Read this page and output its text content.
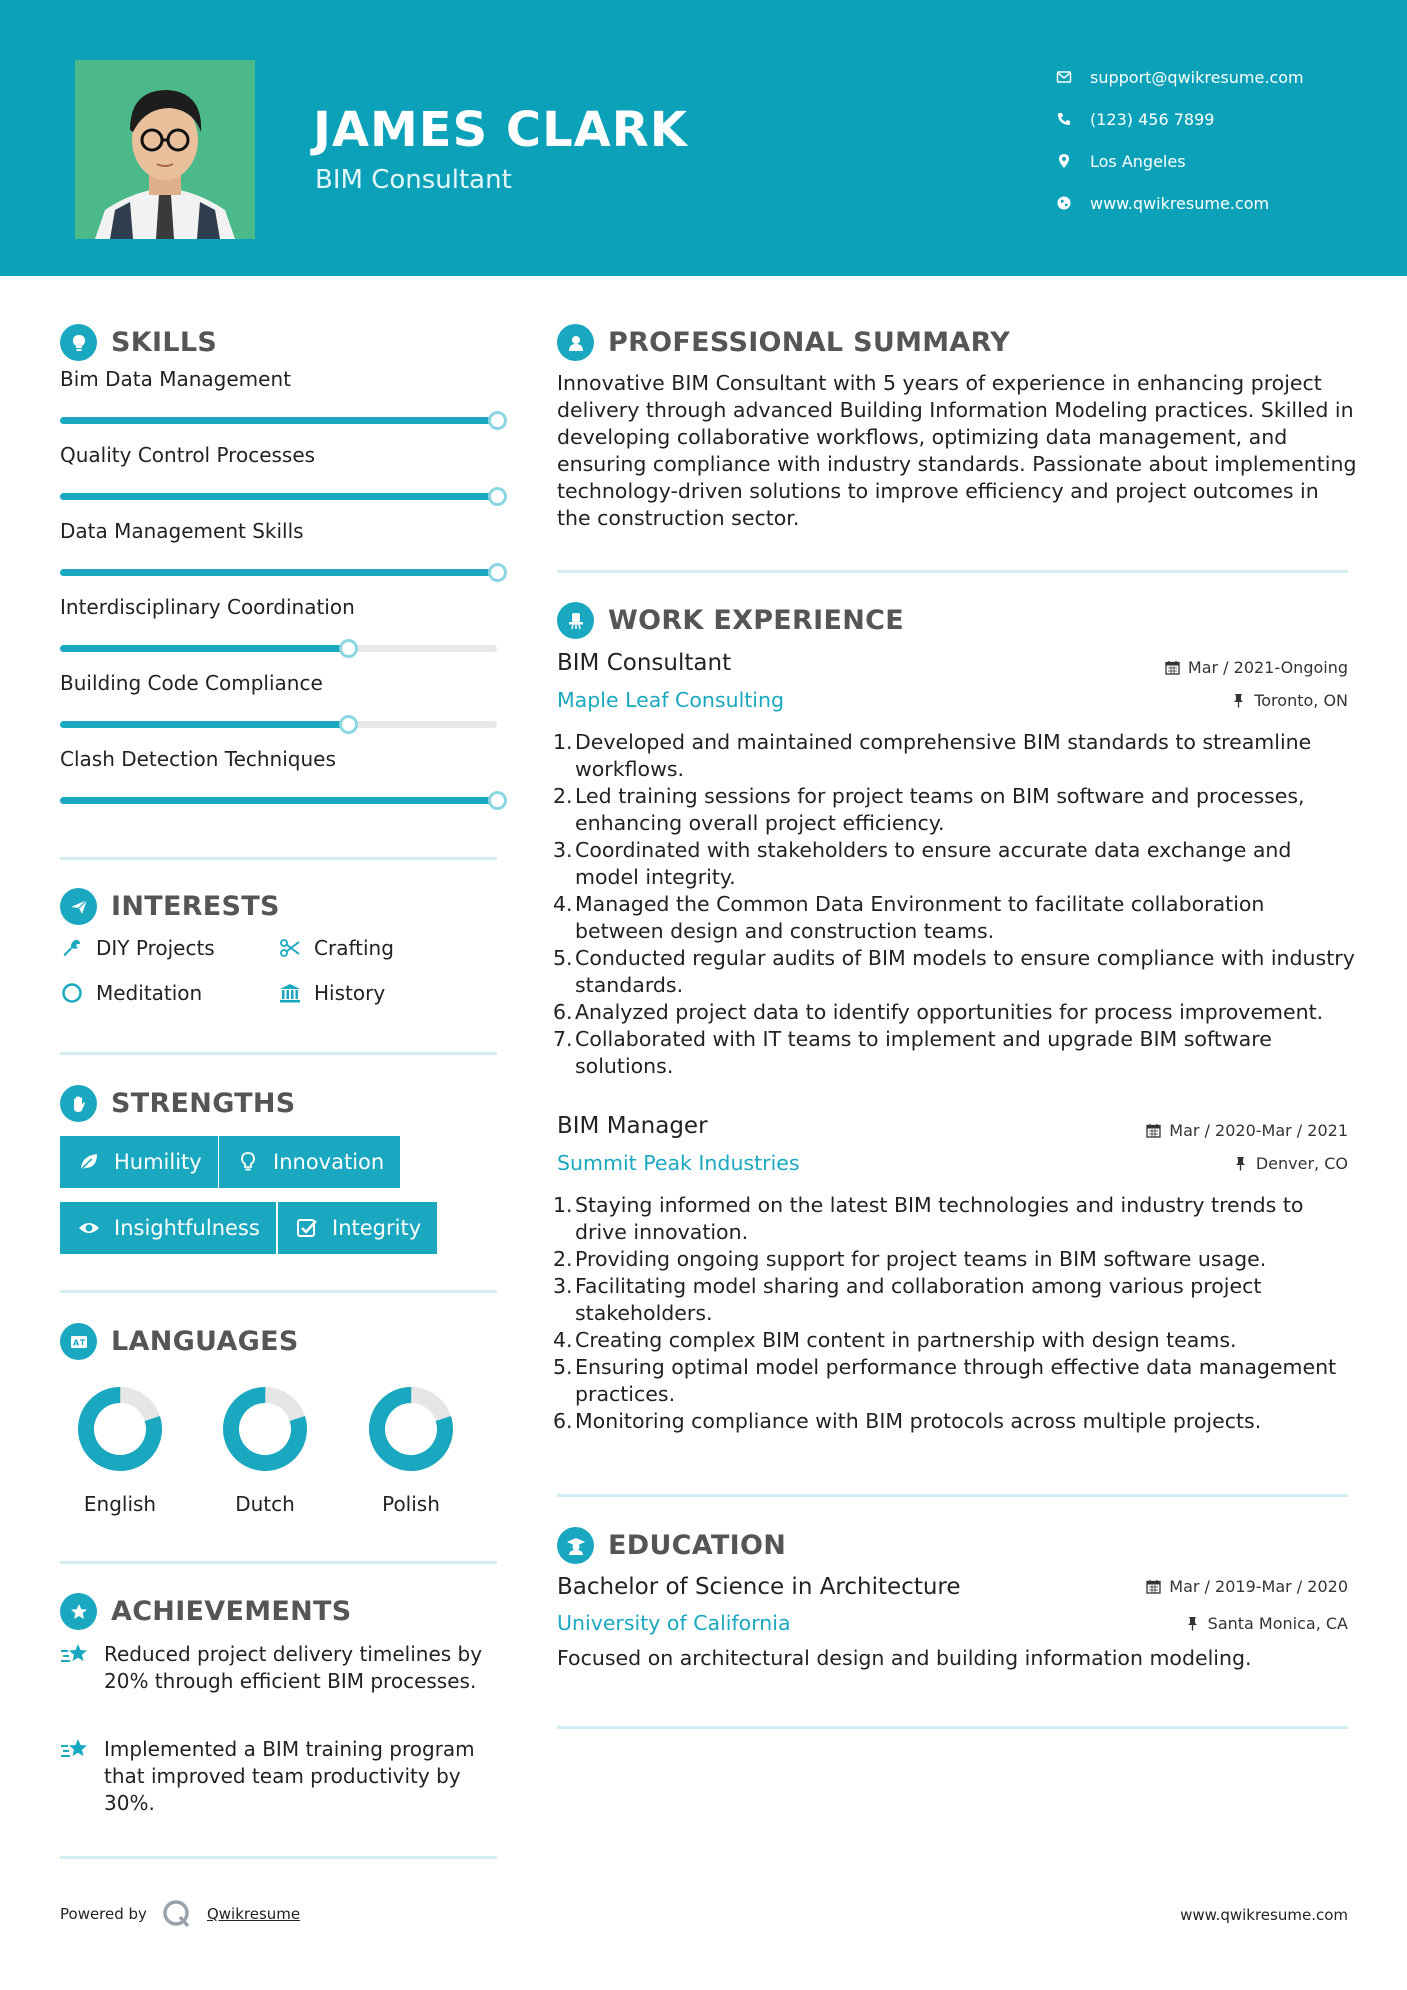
JAMES CLARK
BIM Consultant
support@qwikresume.com
(123) 456 7899
Los Angeles
www.qwikresume.com
SKILLS
Bim Data Management
Quality Control Processes
Data Management Skills
Interdisciplinary Coordination
Building Code Compliance
Clash Detection Techniques
INTERESTS
DIY Projects	Crafting
Meditation	History
STRENGTHS
Humility	Innovation
Insightfulness	Integrity
A LANGUAGES
English	Dutch	Polish
ACHIEVEMENTS
Reduced project delivery timelines by 20% through efficient BIM processes.
Implemented a BIM training program that improved team productivity by 30%.
PROFESSIONAL SUMMARY
Innovative BIM Consultant with 5 years of experience in enhancing project delivery through advanced Building Information Modeling practices. Skilled in developing collaborative workflows, optimizing data management, and ensuring compliance with industry standards. Passionate about implementing technology-driven solutions to improve efficiency and project outcomes in the construction sector.
WORK EXPERIENCE
BIM Consultant	Mar / 2021-Ongoing
Maple Leaf Consulting	Toronto, ON
1. Developed and maintained comprehensive BIM standards to streamline workflows.
2. Led training sessions for project teams on BIM software and processes, enhancing overall project efficiency.
3. Coordinated with stakeholders to ensure accurate data exchange and model integrity.
4. Managed the Common Data Environment to facilitate collaboration between design and construction teams.
5. Conducted regular audits of BIM models to ensure compliance with industry standards.
6. Analyzed project data to identify opportunities for process improvement.
7. Collaborated with IT teams to implement and upgrade BIM software solutions.
BIM Manager	Mar / 2020-Mar / 2021
Summit Peak Industries	Denver, CO
1. Staying informed on the latest BIM technologies and industry trends to drive innovation.
2. Providing ongoing support for project teams in BIM software usage.
3. Facilitating model sharing and collaboration among various project stakeholders.
4. Creating complex BIM content in partnership with design teams.
5. Ensuring optimal model performance through effective data management practices.
6. Monitoring compliance with BIM protocols across multiple projects.
EDUCATION
Bachelor of Science in Architecture	Mar / 2019-Mar / 2020
University of California	Santa Monica, CA
Focused on architectural design and building information modeling.
Powered by	Qwikresume	www.qwikresume.com
